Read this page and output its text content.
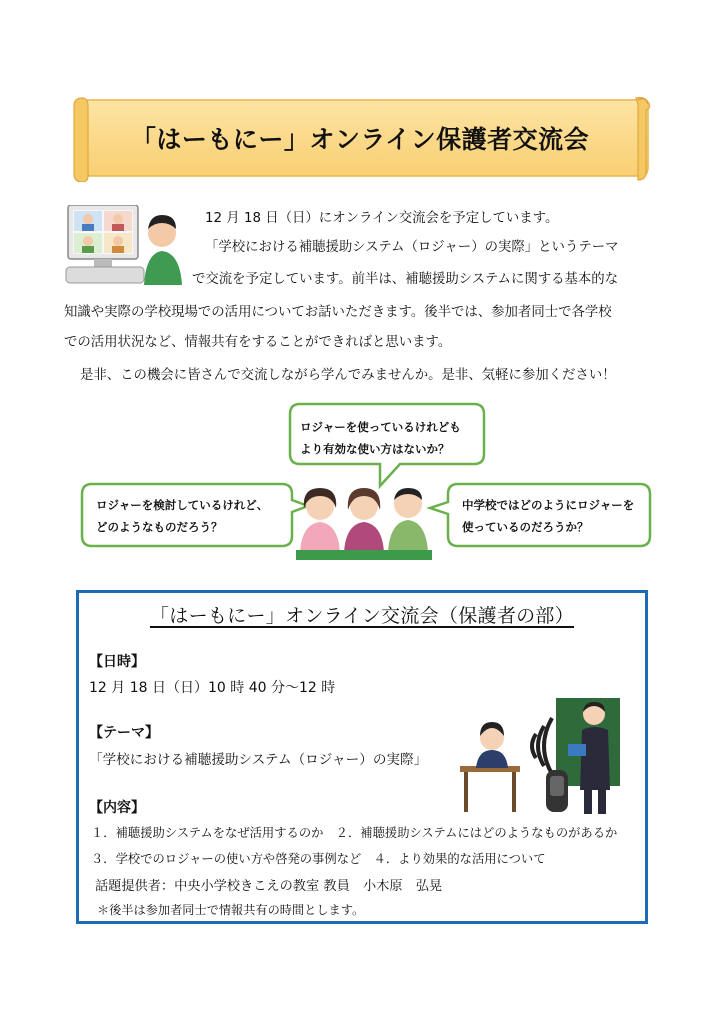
「はーもにー」オンライン保護者交流会
12 月 18 日（日）にオンライン交流会を予定しています。
「学校における補聴援助システム（ロジャー）の実際」というテーマ
で交流を予定しています。前半は、補聴援助システムに関する基本的な
知識や実際の学校現場での活用についてお話いただきます。後半では、参加者同士で各学校
での活用状況など、情報共有をすることができればと思います。
是非、この機会に皆さんで交流しながら学んでみませんか。是非、気軽に参加ください！
ロジャーを使っているけれども
より有効な使い方はないか？
ロジャーを検討しているけれど、
どのようなものだろう？
中学校ではどのようにロジャーを
使っているのだろうか？
「はーもにー」オンライン交流会（保護者の部）
【日時】
12 月 18 日（日）10 時 40 分～12 時
【テーマ】
「学校における補聴援助システム（ロジャー）の実際」
【内容】
１．補聴援助システムをなぜ活用するのか　２．補聴援助システムにはどのようなものがあるか
３．学校でのロジャーの使い方や啓発の事例など　４．より効果的な活用について
話題提供者：中央小学校きこえの教室 教員　小木原　弘晃
＊後半は参加者同士で情報共有の時間とします。
